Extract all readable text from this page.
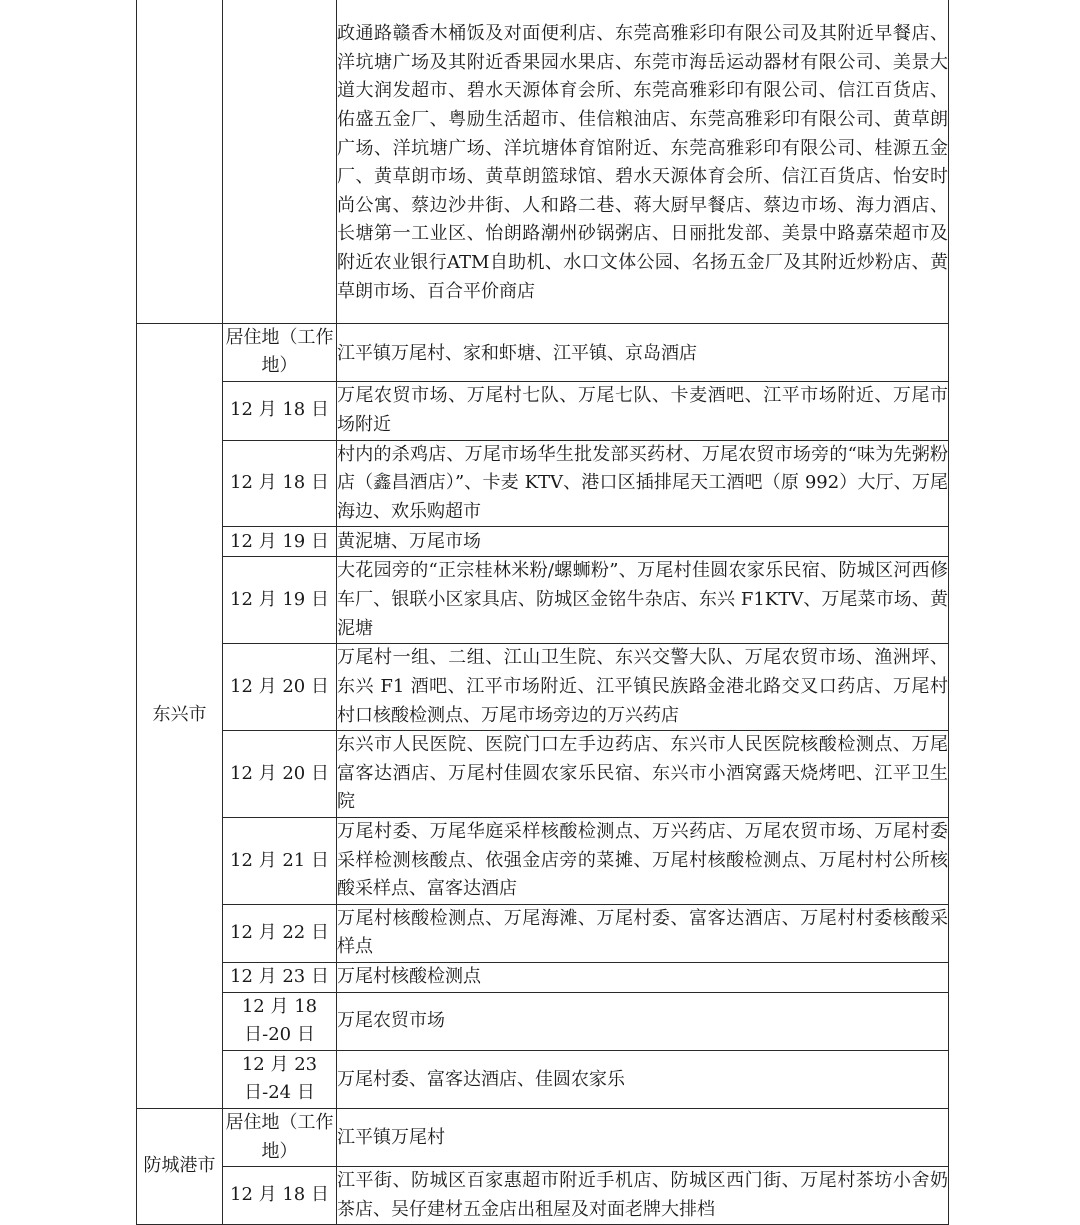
		政通路赣香木桶饭及对面便利店、东莞高雅彩印有限公司及其附近早餐店、洋坑塘广场及其附近香果园水果店、东莞市海岳运动器材有限公司、美景大道大润发超市、碧水天源体育会所、东莞高雅彩印有限公司、信江百货店、佑盛五金厂、粤励生活超市、佳信粮油店、东莞高雅彩印有限公司、黄草朗广场、洋坑塘广场、洋坑塘体育馆附近、东莞高雅彩印有限公司、桂源五金厂、黄草朗市场、黄草朗篮球馆、碧水天源体育会所、信江百货店、怡安时尚公寓、蔡边沙井街、人和路二巷、蒋大厨早餐店、蔡边市场、海力酒店、长塘第一工业区、怡朗路潮州砂锅粥店、日丽批发部、美景中路嘉荣超市及附近农业银行ATM自助机、水口文体公园、名扬五金厂及其附近炒粉店、黄草朗市场、百合平价商店
东兴市	居住地（工作地）	江平镇万尾村、家和虾塘、江平镇、京岛酒店
	12 月 18 日	万尾农贸市场、万尾村七队、万尾七队、卡麦酒吧、江平市场附近、万尾市场附近
	12 月 18 日	村内的杀鸡店、万尾市场华生批发部买药材、万尾农贸市场旁的“味为先粥粉店（鑫昌酒店）”、卡麦 KTV、港口区插排尾天工酒吧（原 992）大厅、万尾海边、欢乐购超市
	12 月 19 日	黄泥塘、万尾市场
	12 月 19 日	大花园旁的“正宗桂林米粉/螺蛳粉”、万尾村佳圆农家乐民宿、防城区河西修车厂、银联小区家具店、防城区金铭牛杂店、东兴 F1KTV、万尾菜市场、黄泥塘
	12 月 20 日	万尾村一组、二组、江山卫生院、东兴交警大队、万尾农贸市场、渔洲坪、东兴 F1 酒吧、江平市场附近、江平镇民族路金港北路交叉口药店、万尾村村口核酸检测点、万尾市场旁边的万兴药店
	12 月 20 日	东兴市人民医院、医院门口左手边药店、东兴市人民医院核酸检测点、万尾富客达酒店、万尾村佳圆农家乐民宿、东兴市小酒窝露天烧烤吧、江平卫生院
	12 月 21 日	万尾村委、万尾华庭采样核酸检测点、万兴药店、万尾农贸市场、万尾村委采样检测核酸点、依强金店旁的菜摊、万尾村核酸检测点、万尾村村公所核酸采样点、富客达酒店
	12 月 22 日	万尾村核酸检测点、万尾海滩、万尾村委、富客达酒店、万尾村村委核酸采样点
	12 月 23 日	万尾村核酸检测点
	12 月 18 日-20 日	万尾农贸市场
	12 月 23 日-24 日	万尾村委、富客达酒店、佳圆农家乐
防城港市	居住地（工作地）	江平镇万尾村
	12 月 18 日	江平街、防城区百家惠超市附近手机店、防城区西门街、万尾村茶坊小舍奶茶店、吴仔建材五金店出租屋及对面老牌大排档
